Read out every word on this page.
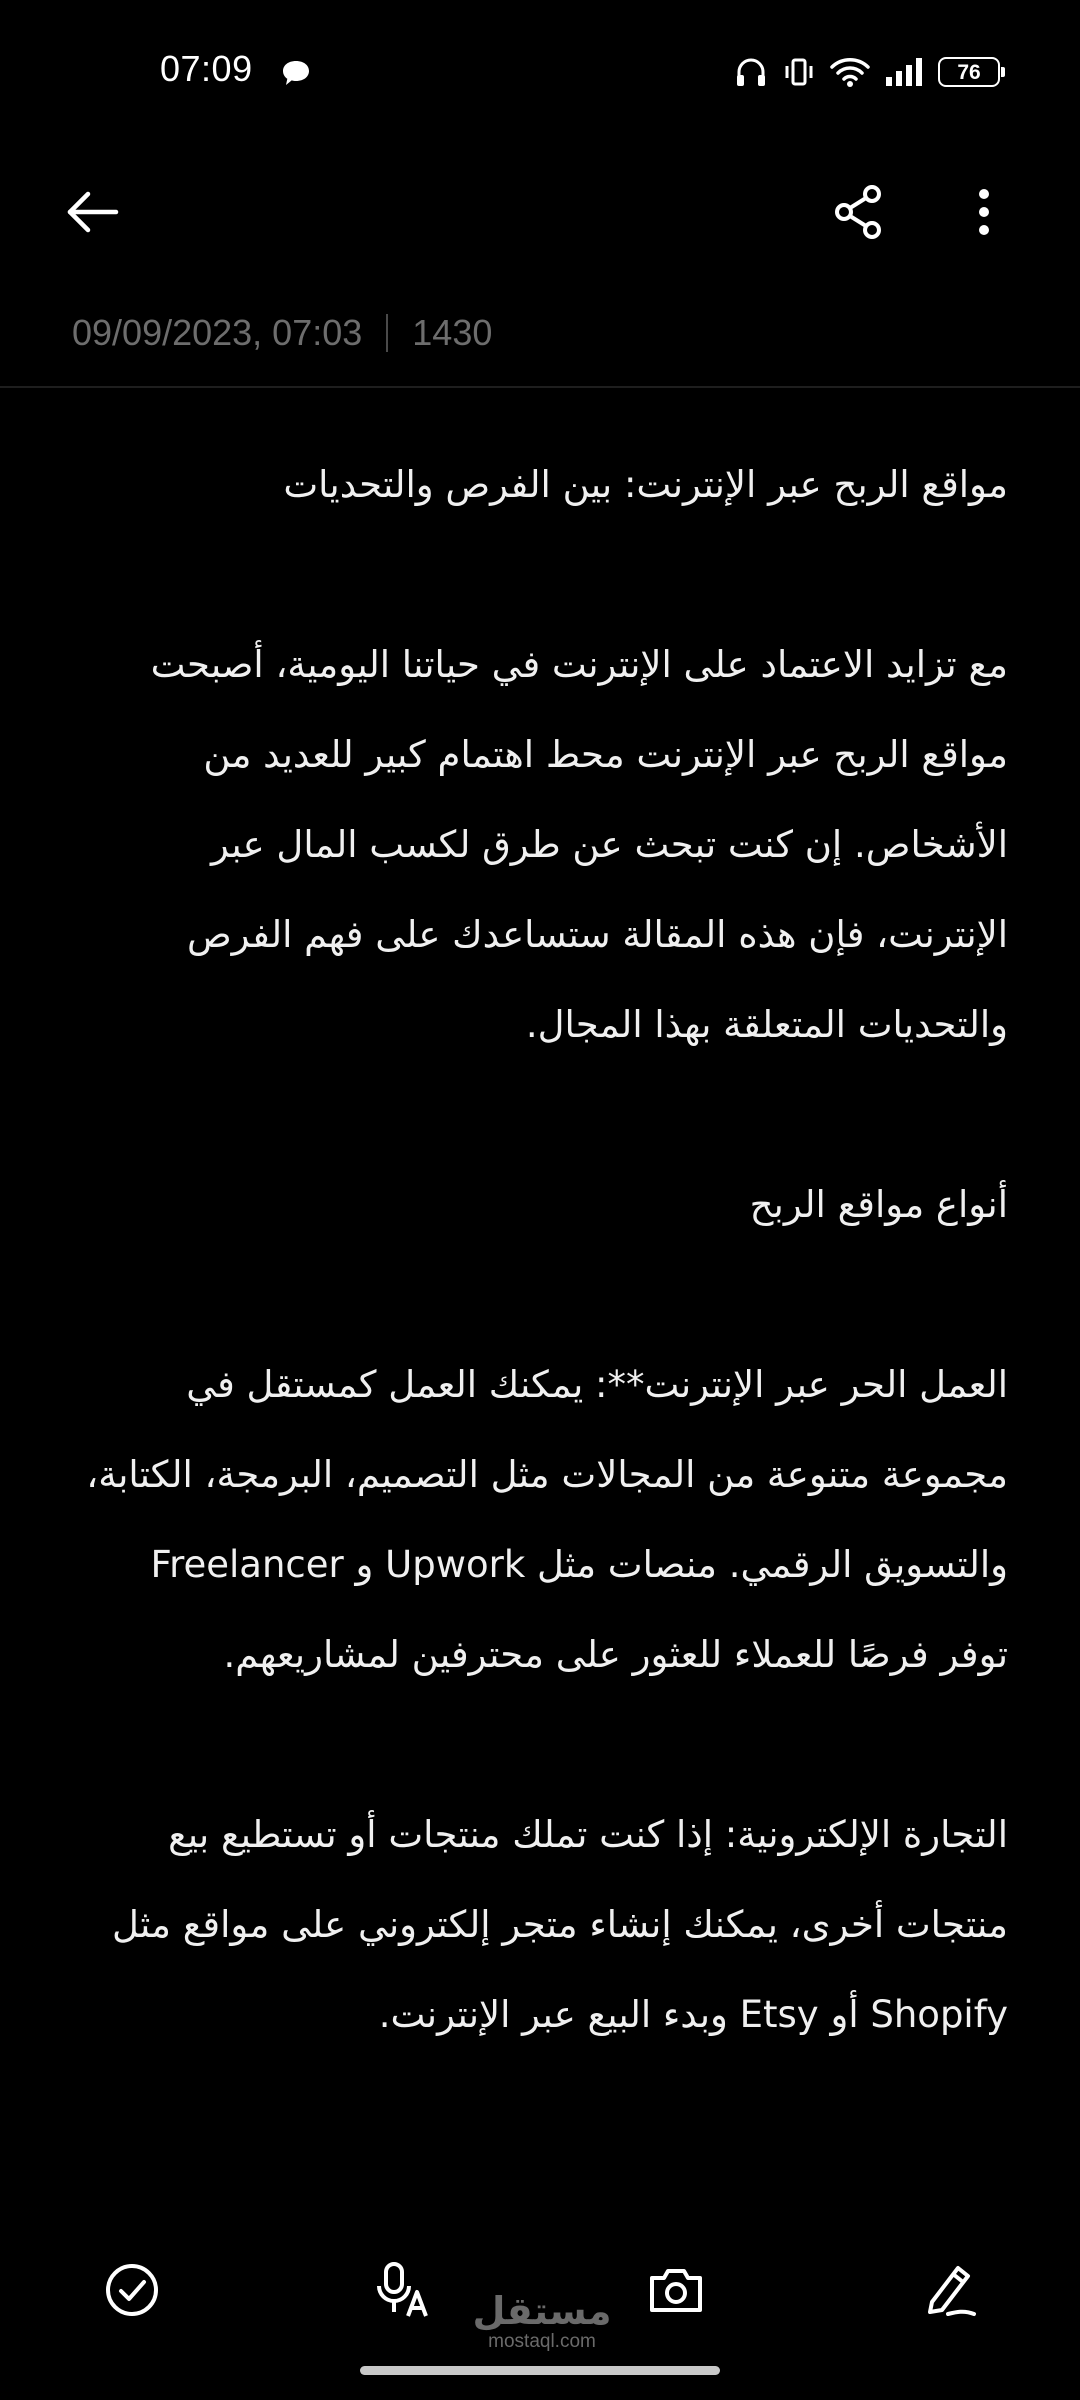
07:09	76
09/09/2023, 07:03 1430

مواقع الربح عبر الإنترنت: بين الفرص والتحديات

مع تزايد الاعتماد على الإنترنت في حياتنا اليومية، أصبحت مواقع الربح عبر الإنترنت محط اهتمام كبير للعديد من الأشخاص. إن كنت تبحث عن طرق لكسب المال عبر الإنترنت، فإن هذه المقالة ستساعدك على فهم الفرص والتحديات المتعلقة بهذا المجال.

أنواع مواقع الربح

العمل الحر عبر الإنترنت**: يمكنك العمل كمستقل في مجموعة متنوعة من المجالات مثل التصميم، البرمجة، الكتابة، والتسويق الرقمي. منصات مثل Upwork و Freelancer توفر فرصًا للعملاء للعثور على محترفين لمشاريعهم.

التجارة الإلكترونية: إذا كنت تملك منتجات أو تستطيع بيع منتجات أخرى، يمكنك إنشاء متجر إلكتروني على مواقع مثل Shopify أو Etsy وبدء البيع عبر الإنترنت.

مستقل
mostaql.com
